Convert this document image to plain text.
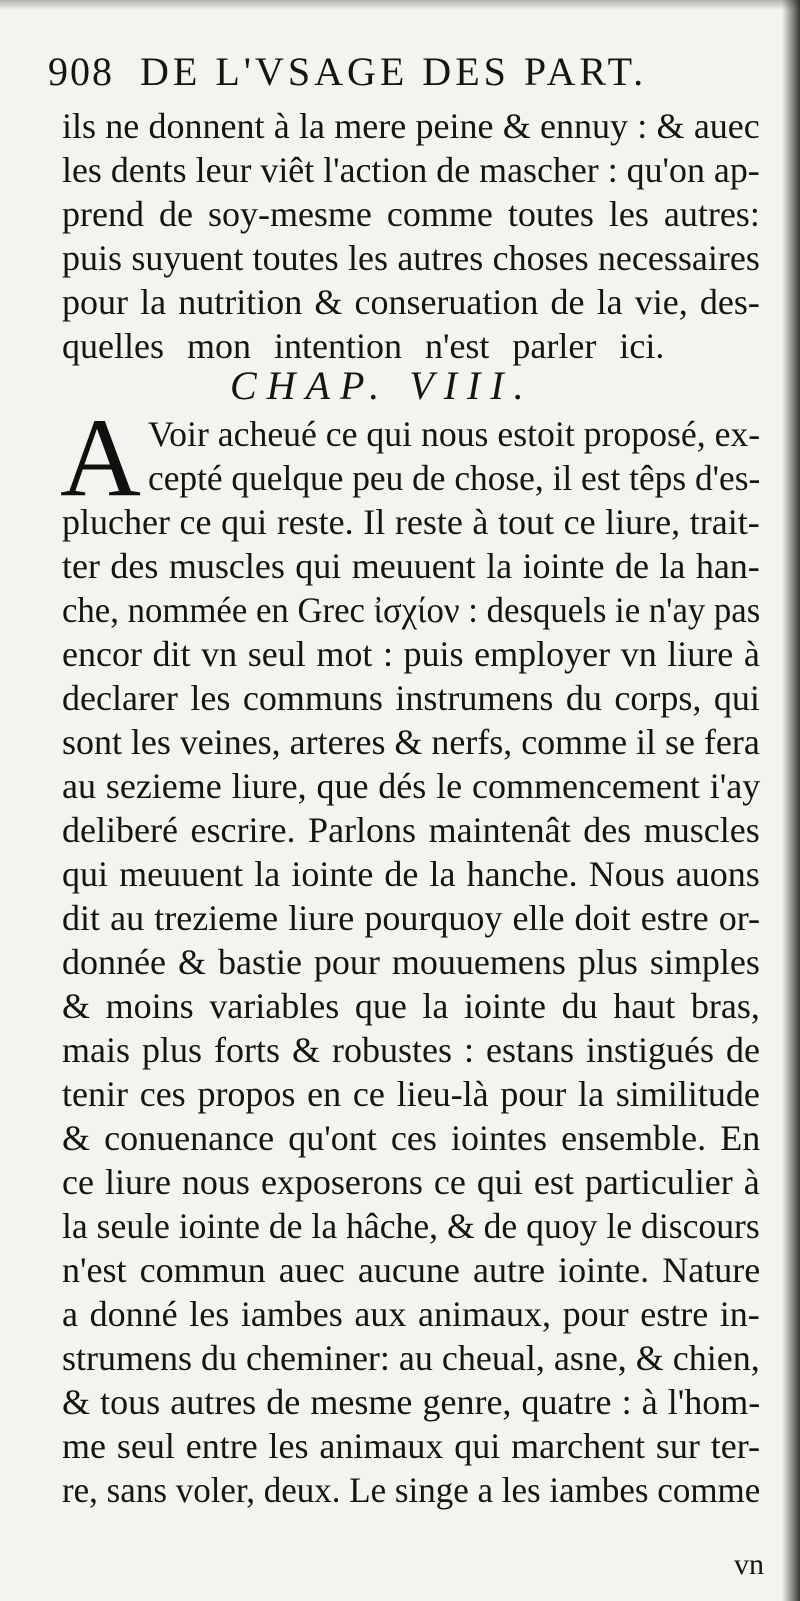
908 DE L'VSAGE DES PART.
ils ne donnent à la mere peine & ennuy : & auec
les dents leur viêt l'action de mascher : qu'on ap-
prend de soy-mesme comme toutes les autres:
puis suyuent toutes les autres choses necessaires
pour la nutrition & conseruation de la vie, des-
quelles mon intention n'est parler ici.
CHAP. VIII.
A Voir acheué ce qui nous estoit proposé, ex-
cepté quelque peu de chose, il est têps d'es-
plucher ce qui reste. Il reste à tout ce liure, trait-
ter des muscles qui meuuent la iointe de la han-
che, nommée en Grec ἰσχίον : desquels ie n'ay pas
encor dit vn seul mot : puis employer vn liure à
declarer les communs instrumens du corps, qui
sont les veines, arteres & nerfs, comme il se fera
au sezieme liure, que dés le commencement i'ay
deliberé escrire. Parlons maintenât des muscles
qui meuuent la iointe de la hanche. Nous auons
dit au trezieme liure pourquoy elle doit estre or-
donnée & bastie pour mouuemens plus simples
& moins variables que la iointe du haut bras,
mais plus forts & robustes : estans instigués de
tenir ces propos en ce lieu-là pour la similitude
& conuenance qu'ont ces iointes ensemble. En
ce liure nous exposerons ce qui est particulier à
la seule iointe de la hâche, & de quoy le discours
n'est commun auec aucune autre iointe. Nature
a donné les iambes aux animaux, pour estre in-
strumens du cheminer: au cheual, asne, & chien,
& tous autres de mesme genre, quatre : à l'hom-
me seul entre les animaux qui marchent sur ter-
re, sans voler, deux. Le singe a les iambes comme
vn
